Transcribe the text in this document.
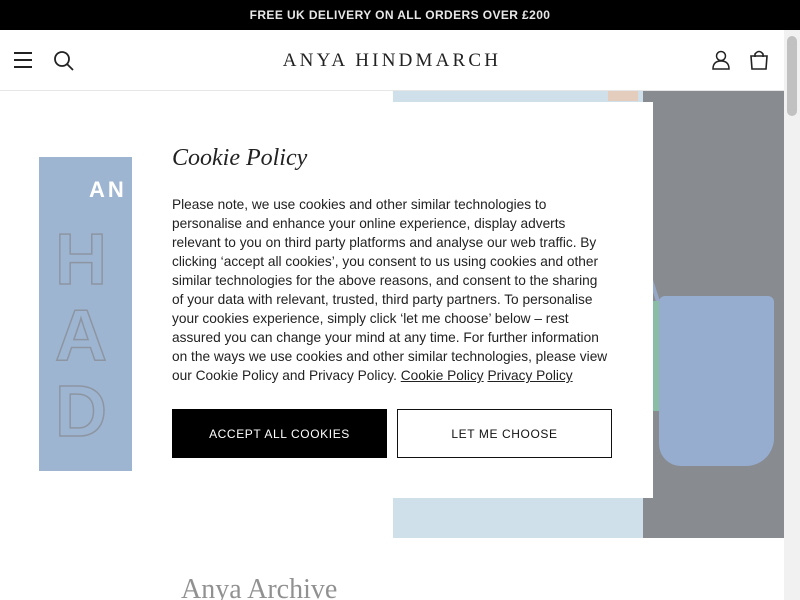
FREE UK DELIVERY ON ALL ORDERS OVER £200
ANYA HINDMARCH
Cookie Policy

Please note, we use cookies and other similar technologies to personalise and enhance your online experience, display adverts relevant to you on third party platforms and analyse our web traffic. By clicking ‘accept all cookies’, you consent to us using cookies and other similar technologies for the above reasons, and consent to the sharing of your data with relevant, trusted, third party partners. To personalise your cookies experience, simply click ‘let me choose’ below – rest assured you can change your mind at any time. For further information on the ways we use cookies and other similar technologies, please view our Cookie Policy and Privacy Policy. Cookie Policy Privacy Policy

ACCEPT ALL COOKIES	LET ME CHOOSE
